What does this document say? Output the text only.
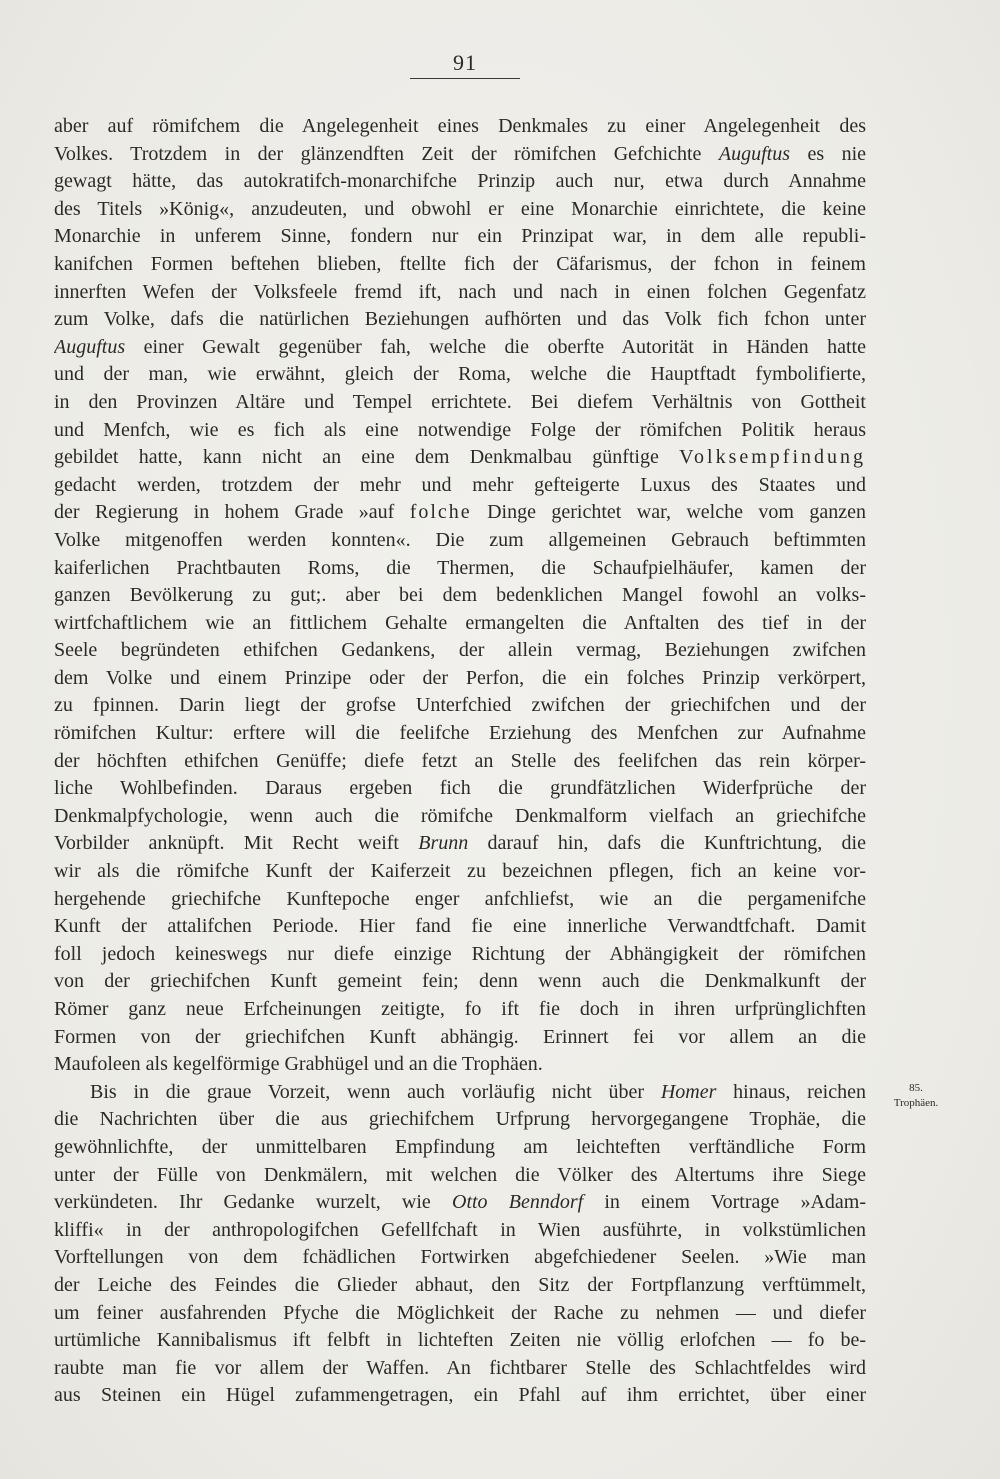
91
aber auf römifchem die Angelegenheit eines Denkmales zu einer Angelegenheit des
Volkes. Trotzdem in der glänzendften Zeit der römifchen Gefchichte Auguftus es nie
gewagt hätte, das autokratifch-monarchifche Prinzip auch nur, etwa durch Annahme
des Titels »König«, anzudeuten, und obwohl er eine Monarchie einrichtete, die keine
Monarchie in unferem Sinne, fondern nur ein Prinzipat war, in dem alle republi-
kanifchen Formen beftehen blieben, ftellte fich der Cäfarismus, der fchon in feinem
innerften Wefen der Volksfeele fremd ift, nach und nach in einen folchen Gegenfatz
zum Volke, dafs die natürlichen Beziehungen aufhörten und das Volk fich fchon unter
Auguftus einer Gewalt gegenüber fah, welche die oberfte Autorität in Händen hatte
und der man, wie erwähnt, gleich der Roma, welche die Hauptftadt fymbolifierte,
in den Provinzen Altäre und Tempel errichtete. Bei diefem Verhältnis von Gottheit
und Menfch, wie es fich als eine notwendige Folge der römifchen Politik heraus
gebildet hatte, kann nicht an eine dem Denkmalbau günftige Volksempfindung
gedacht werden, trotzdem der mehr und mehr gefteigerte Luxus des Staates und
der Regierung in hohem Grade »auf folche Dinge gerichtet war, welche vom ganzen
Volke mitgenoffen werden konnten«. Die zum allgemeinen Gebrauch beftimmten
kaiferlichen Prachtbauten Roms, die Thermen, die Schaufpielhäufer, kamen der
ganzen Bevölkerung zu gut;. aber bei dem bedenklichen Mangel fowohl an volks-
wirtfchaftlichem wie an fittlichem Gehalte ermangelten die Anftalten des tief in der
Seele begründeten ethifchen Gedankens, der allein vermag, Beziehungen zwifchen
dem Volke und einem Prinzipe oder der Perfon, die ein folches Prinzip verkörpert,
zu fpinnen. Darin liegt der grofse Unterfchied zwifchen der griechifchen und der
römifchen Kultur: erftere will die feelifche Erziehung des Menfchen zur Aufnahme
der höchften ethifchen Genüffe; diefe fetzt an Stelle des feelifchen das rein körper-
liche Wohlbefinden. Daraus ergeben fich die grundfätzlichen Widerfprüche der
Denkmalpfychologie, wenn auch die römifche Denkmalform vielfach an griechifche
Vorbilder anknüpft. Mit Recht weift Brunn darauf hin, dafs die Kunftrichtung, die
wir als die römifche Kunft der Kaiferzeit zu bezeichnen pflegen, fich an keine vor-
hergehende griechifche Kunftepoche enger anfchliefst, wie an die pergamenifche
Kunft der attalifchen Periode. Hier fand fie eine innerliche Verwandtfchaft. Damit
foll jedoch keineswegs nur diefe einzige Richtung der Abhängigkeit der römifchen
von der griechifchen Kunft gemeint fein; denn wenn auch die Denkmalkunft der
Römer ganz neue Erfcheinungen zeitigte, fo ift fie doch in ihren urfprünglichften
Formen von der griechifchen Kunft abhängig. Erinnert fei vor allem an die
Maufoleen als kegelförmige Grabhügel und an die Trophäen.
Bis in die graue Vorzeit, wenn auch vorläufig nicht über Homer hinaus, reichen
die Nachrichten über die aus griechifchem Urfprung hervorgegangene Trophäe, die
gewöhnlichfte, der unmittelbaren Empfindung am leichteften verftändliche Form
unter der Fülle von Denkmälern, mit welchen die Völker des Altertums ihre Siege
verkündeten. Ihr Gedanke wurzelt, wie Otto Benndorf in einem Vortrage »Adam-
kliffi« in der anthropologifchen Gefellfchaft in Wien ausführte, in volkstümlichen
Vorftellungen von dem fchädlichen Fortwirken abgefchiedener Seelen. »Wie man
der Leiche des Feindes die Glieder abhaut, den Sitz der Fortpflanzung verftümmelt,
um feiner ausfahrenden Pfyche die Möglichkeit der Rache zu nehmen — und diefer
urtümliche Kannibalismus ift felbft in lichteften Zeiten nie völlig erlofchen — fo be-
raubte man fie vor allem der Waffen. An fichtbarer Stelle des Schlachtfeldes wird
aus Steinen ein Hügel zufammengetragen, ein Pfahl auf ihm errichtet, über einer
85.
Trophäen.
